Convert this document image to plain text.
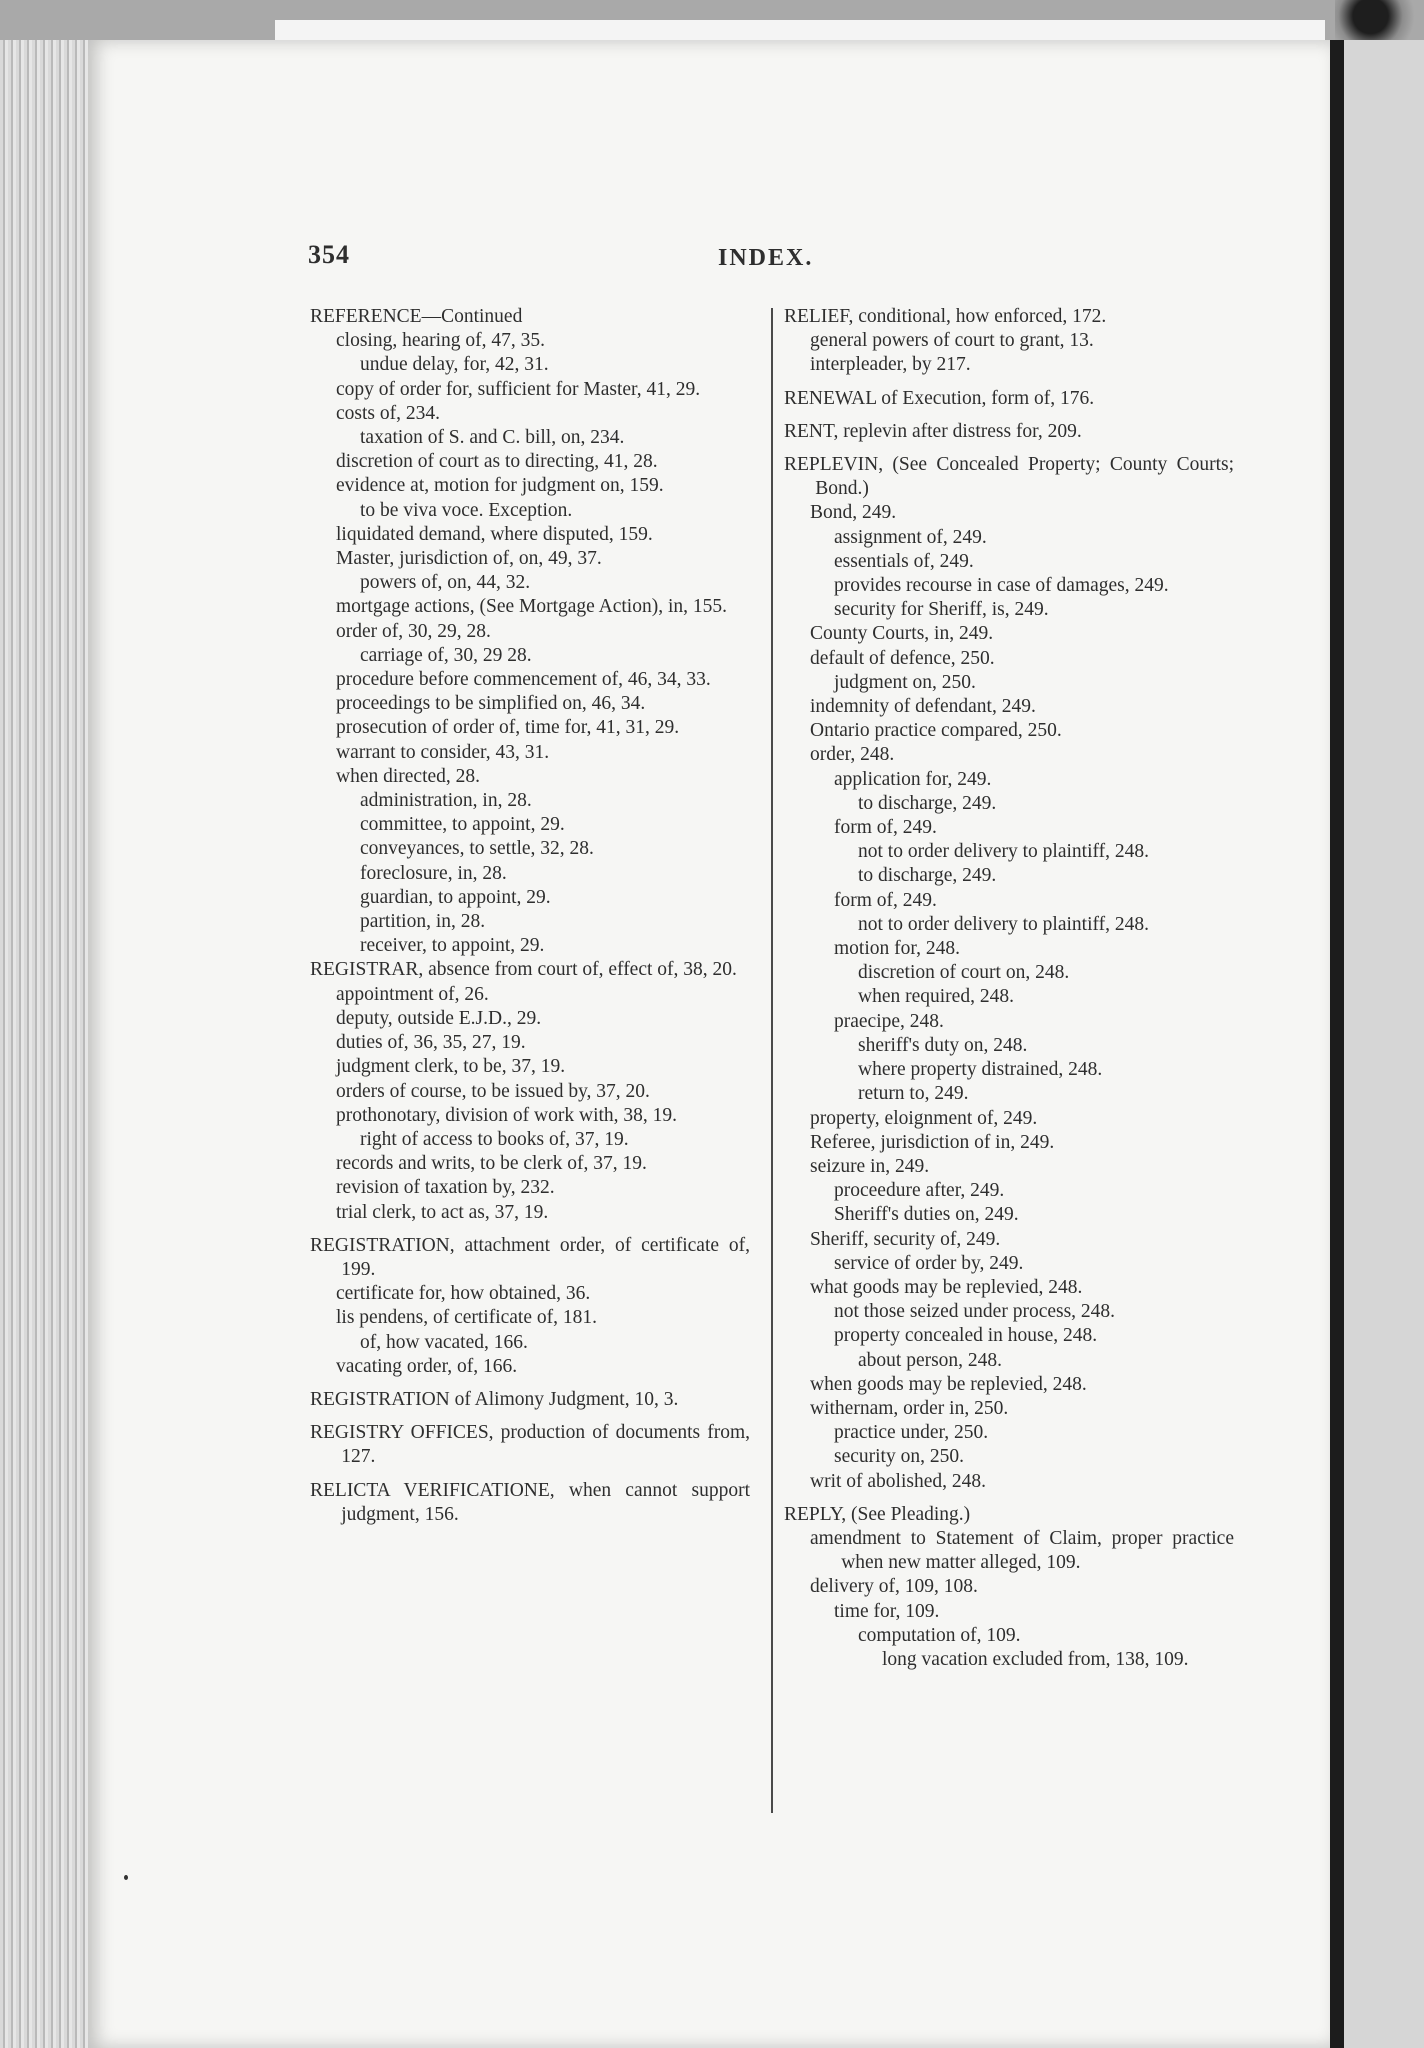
354	INDEX.
REFERENCE—Continued
closing, hearing of, 47, 35.
undue delay, for, 42, 31.
copy of order for, sufficient for Master, 41, 29.
costs of, 234.
taxation of S. and C. bill, on, 234.
discretion of court as to directing, 41, 28.
evidence at, motion for judgment on, 159.
to be viva voce. Exception.
liquidated demand, where disputed, 159.
Master, jurisdiction of, on, 49, 37.
powers of, on, 44, 32.
mortgage actions, (See Mortgage Action), in, 155.
order of, 30, 29, 28.
carriage of, 30, 29 28.
procedure before commencement of, 46, 34, 33.
proceedings to be simplified on, 46, 34.
prosecution of order of, time for, 41, 31, 29.
warrant to consider, 43, 31.
when directed, 28.
administration, in, 28.
committee, to appoint, 29.
conveyances, to settle, 32, 28.
foreclosure, in, 28.
guardian, to appoint, 29.
partition, in, 28.
receiver, to appoint, 29.
REGISTRAR, absence from court of, effect of, 38, 20.
appointment of, 26.
deputy, outside E.J.D., 29.
duties of, 36, 35, 27, 19.
judgment clerk, to be, 37, 19.
orders of course, to be issued by, 37, 20.
prothonotary, division of work with, 38, 19.
right of access to books of, 37, 19.
records and writs, to be clerk of, 37, 19.
revision of taxation by, 232.
trial clerk, to act as, 37, 19.
REGISTRATION, attachment order, of certificate of, 199.
certificate for, how obtained, 36.
lis pendens, of certificate of, 181.
of, how vacated, 166.
vacating order, of, 166.
REGISTRATION of Alimony Judgment, 10, 3.
REGISTRY OFFICES, production of documents from, 127.
RELICTA VERIFICATIONE, when cannot support judgment, 156.
RELIEF, conditional, how enforced, 172.
general powers of court to grant, 13.
interpleader, by 217.
RENEWAL of Execution, form of, 176.
RENT, replevin after distress for, 209.
REPLEVIN, (See Concealed Property; County Courts; Bond.)
Bond, 249.
assignment of, 249.
essentials of, 249.
provides recourse in case of damages, 249.
security for Sheriff, is, 249.
County Courts, in, 249.
default of defence, 250.
judgment on, 250.
indemnity of defendant, 249.
Ontario practice compared, 250.
order, 248.
application for, 249.
to discharge, 249.
form of, 249.
not to order delivery to plaintiff, 248.
to discharge, 249.
form of, 249.
not to order delivery to plaintiff, 248.
motion for, 248.
discretion of court on, 248.
when required, 248.
praecipe, 248.
sheriff's duty on, 248.
where property distrained, 248.
return to, 249.
property, eloignment of, 249.
Referee, jurisdiction of in, 249.
seizure in, 249.
proceedure after, 249.
Sheriff's duties on, 249.
Sheriff, security of, 249.
service of order by, 249.
what goods may be replevied, 248.
not those seized under process, 248.
property concealed in house, 248.
about person, 248.
when goods may be replevied, 248.
withernam, order in, 250.
practice under, 250.
security on, 250.
writ of abolished, 248.
REPLY, (See Pleading.)
amendment to Statement of Claim, proper practice when new matter alleged, 109.
delivery of, 109, 108.
time for, 109.
computation of, 109.
long vacation excluded from, 138, 109.
